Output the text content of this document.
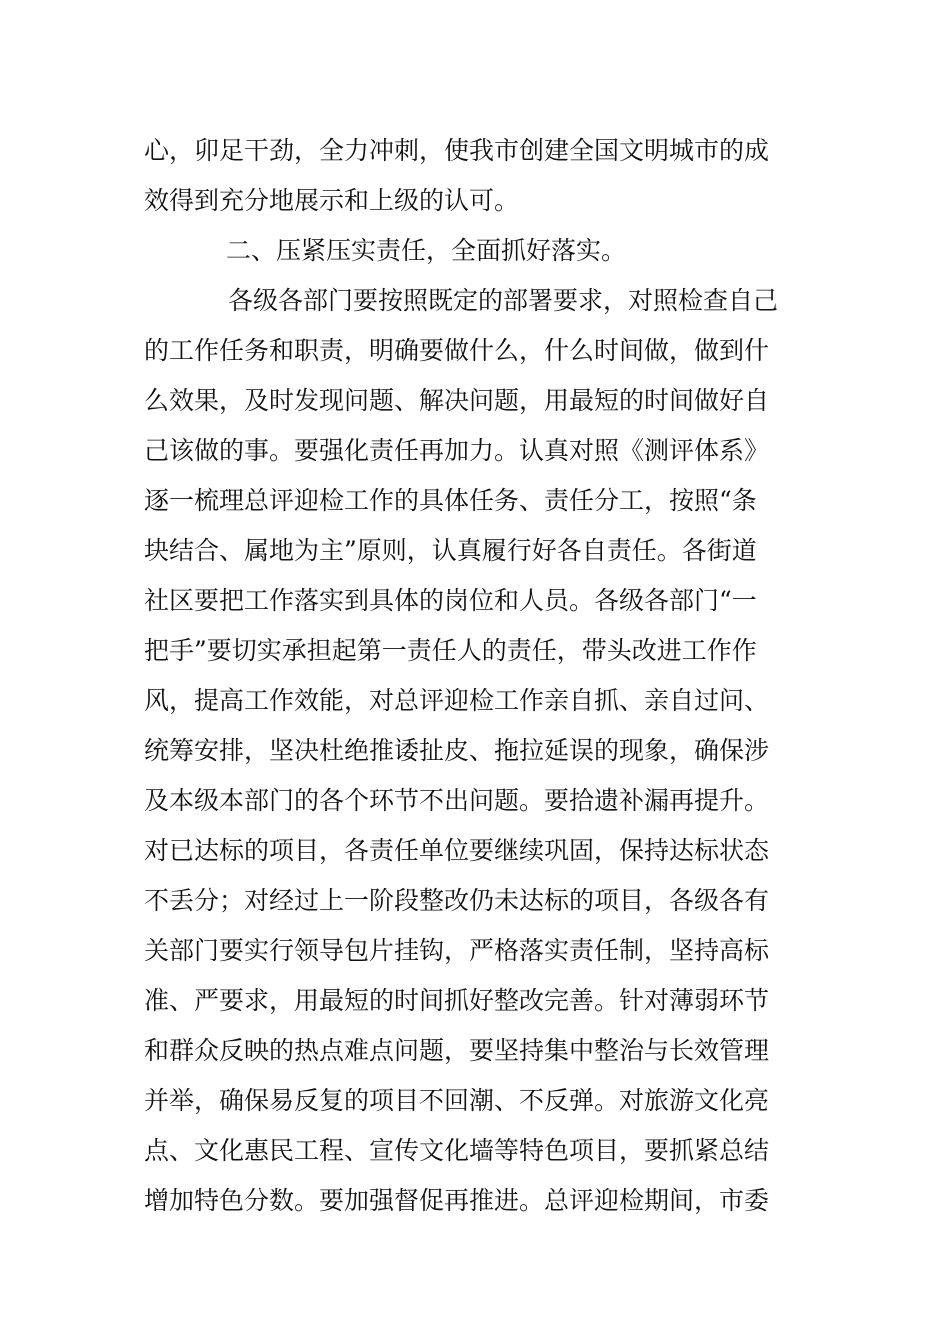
心，卯足干劲，全力冲刺，使我市创建全国文明城市的成
效得到充分地展示和上级的认可。
二、压紧压实责任，全面抓好落实。
各级各部门要按照既定的部署要求，对照检查自己
的工作任务和职责，明确要做什么，什么时间做，做到什
么效果，及时发现问题、解决问题，用最短的时间做好自
己该做的事。要强化责任再加力。认真对照《测评体系》
逐一梳理总评迎检工作的具体任务、责任分工，按照“条
块结合、属地为主”原则，认真履行好各自责任。各街道
社区要把工作落实到具体的岗位和人员。各级各部门“一
把手”要切实承担起第一责任人的责任，带头改进工作作
风，提高工作效能，对总评迎检工作亲自抓、亲自过问、
统筹安排，坚决杜绝推诿扯皮、拖拉延误的现象，确保涉
及本级本部门的各个环节不出问题。要拾遗补漏再提升。
对已达标的项目，各责任单位要继续巩固，保持达标状态
不丢分；对经过上一阶段整改仍未达标的项目，各级各有
关部门要实行领导包片挂钩，严格落实责任制，坚持高标
准、严要求，用最短的时间抓好整改完善。针对薄弱环节
和群众反映的热点难点问题，要坚持集中整治与长效管理
并举，确保易反复的项目不回潮、不反弹。对旅游文化亮
点、文化惠民工程、宣传文化墙等特色项目，要抓紧总结
增加特色分数。要加强督促再推进。总评迎检期间，市委
